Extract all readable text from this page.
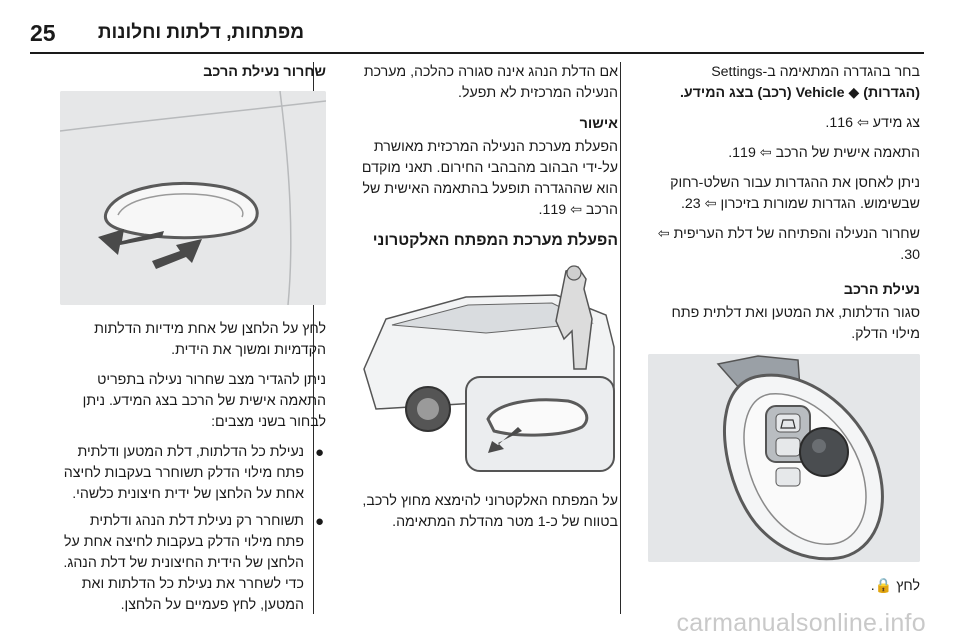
מפתחות, דלתות וחלונות
25
בחר בהגדרה המתאימה ב-Settings
(הגדרות) ◆ Vehicle (רכב) בצג המידע.
צג מידע ⇦ 116.
התאמה אישית של הרכב ⇦ 119.
ניתן לאחסן את ההגדרות עבור השלט-רחוק שבשימוש. הגדרות שמורות בזיכרון ⇦ 23.
שחרור הנעילה והפתיחה של דלת העריפית ⇦ 30.
נעילת הרכב
סגור הדלתות, את המטען ואת דלתית פתח מילוי הדלק.
לחץ 🔒.
אם הדלת הנהג אינה סגורה כהלכה, מערכת הנעילה המרכזית לא תפעל.
אישור
הפעלת מערכת הנעילה המרכזית מאושרת על-ידי הבהוב מהבהבי החירום. תאני מוקדם הוא שההגדרה תופעל בהתאמה האישית של הרכב ⇦ 119.
הפעלת מערכת המפתח האלקטרוני
על המפתח האלקטרוני להימצא מחוץ לרכב, בטווח של כ-1 מטר מהדלת המתאימה.
שחרור נעילת הרכב
לחץ על הלחצן של אחת מידיות הדלתות הקדמיות ומשוך את הידית.
ניתן להגדיר מצב שחרור נעילה בתפריט התאמה אישית של הרכב בצג המידע. ניתן לבחור בשני מצבים:
●
נעילת כל הדלתות, דלת המטען ודלתית פתח מילוי הדלק תשוחרר בעקבות לחיצה אחת על הלחצן של ידית חיצונית כלשהי.
●
תשוחרר רק נעילת דלת הנהג ודלתית פתח מילוי הדלק בעקבות לחיצה אחת על הלחצן של הידית החיצונית של דלת הנהג. כדי לשחרר את נעילת כל הדלתות ואת המטען, לחץ פעמיים על הלחצן.
carmanualsonline.info
